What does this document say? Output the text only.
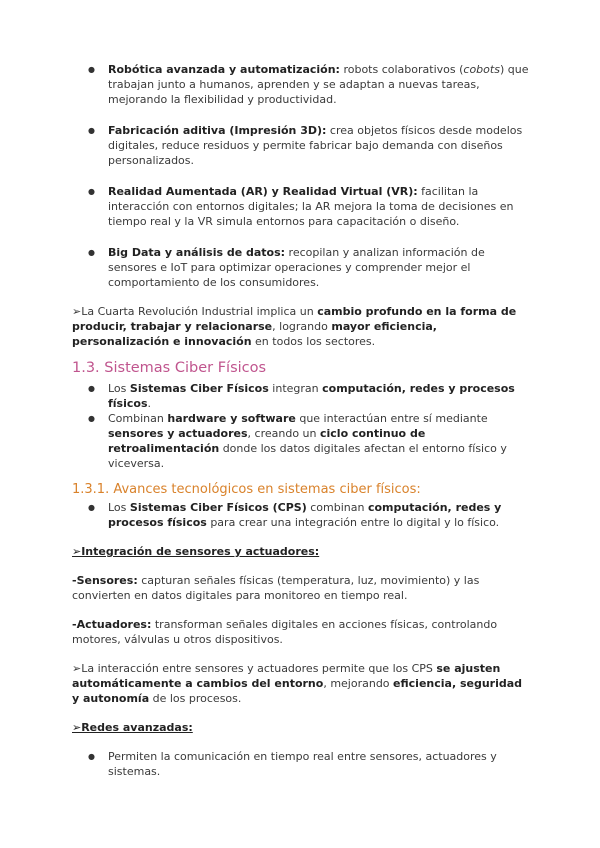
● Robótica avanzada y automatización: robots colaborativos (cobots) que trabajan junto a humanos, aprenden y se adaptan a nuevas tareas, mejorando la flexibilidad y productividad.
● Fabricación aditiva (Impresión 3D): crea objetos físicos desde modelos digitales, reduce residuos y permite fabricar bajo demanda con diseños personalizados.
● Realidad Aumentada (AR) y Realidad Virtual (VR): facilitan la interacción con entornos digitales; la AR mejora la toma de decisiones en tiempo real y la VR simula entornos para capacitación o diseño.
● Big Data y análisis de datos: recopilan y analizan información de sensores e IoT para optimizar operaciones y comprender mejor el comportamiento de los consumidores.

➢La Cuarta Revolución Industrial implica un cambio profundo en la forma de producir, trabajar y relacionarse, logrando mayor eficiencia, personalización e innovación en todos los sectores.

1.3. Sistemas Ciber Físicos
● Los Sistemas Ciber Físicos integran computación, redes y procesos físicos.
● Combinan hardware y software que interactúan entre sí mediante sensores y actuadores, creando un ciclo continuo de retroalimentación donde los datos digitales afectan el entorno físico y viceversa.
1.3.1. Avances tecnológicos en sistemas ciber físicos:
● Los Sistemas Ciber Físicos (CPS) combinan computación, redes y procesos físicos para crear una integración entre lo digital y lo físico.

➢Integración de sensores y actuadores:

-Sensores: capturan señales físicas (temperatura, luz, movimiento) y las convierten en datos digitales para monitoreo en tiempo real.

-Actuadores: transforman señales digitales en acciones físicas, controlando motores, válvulas u otros dispositivos.

➢La interacción entre sensores y actuadores permite que los CPS se ajusten automáticamente a cambios del entorno, mejorando eficiencia, seguridad y autonomía de los procesos.

➢Redes avanzadas:

● Permiten la comunicación en tiempo real entre sensores, actuadores y sistemas.
